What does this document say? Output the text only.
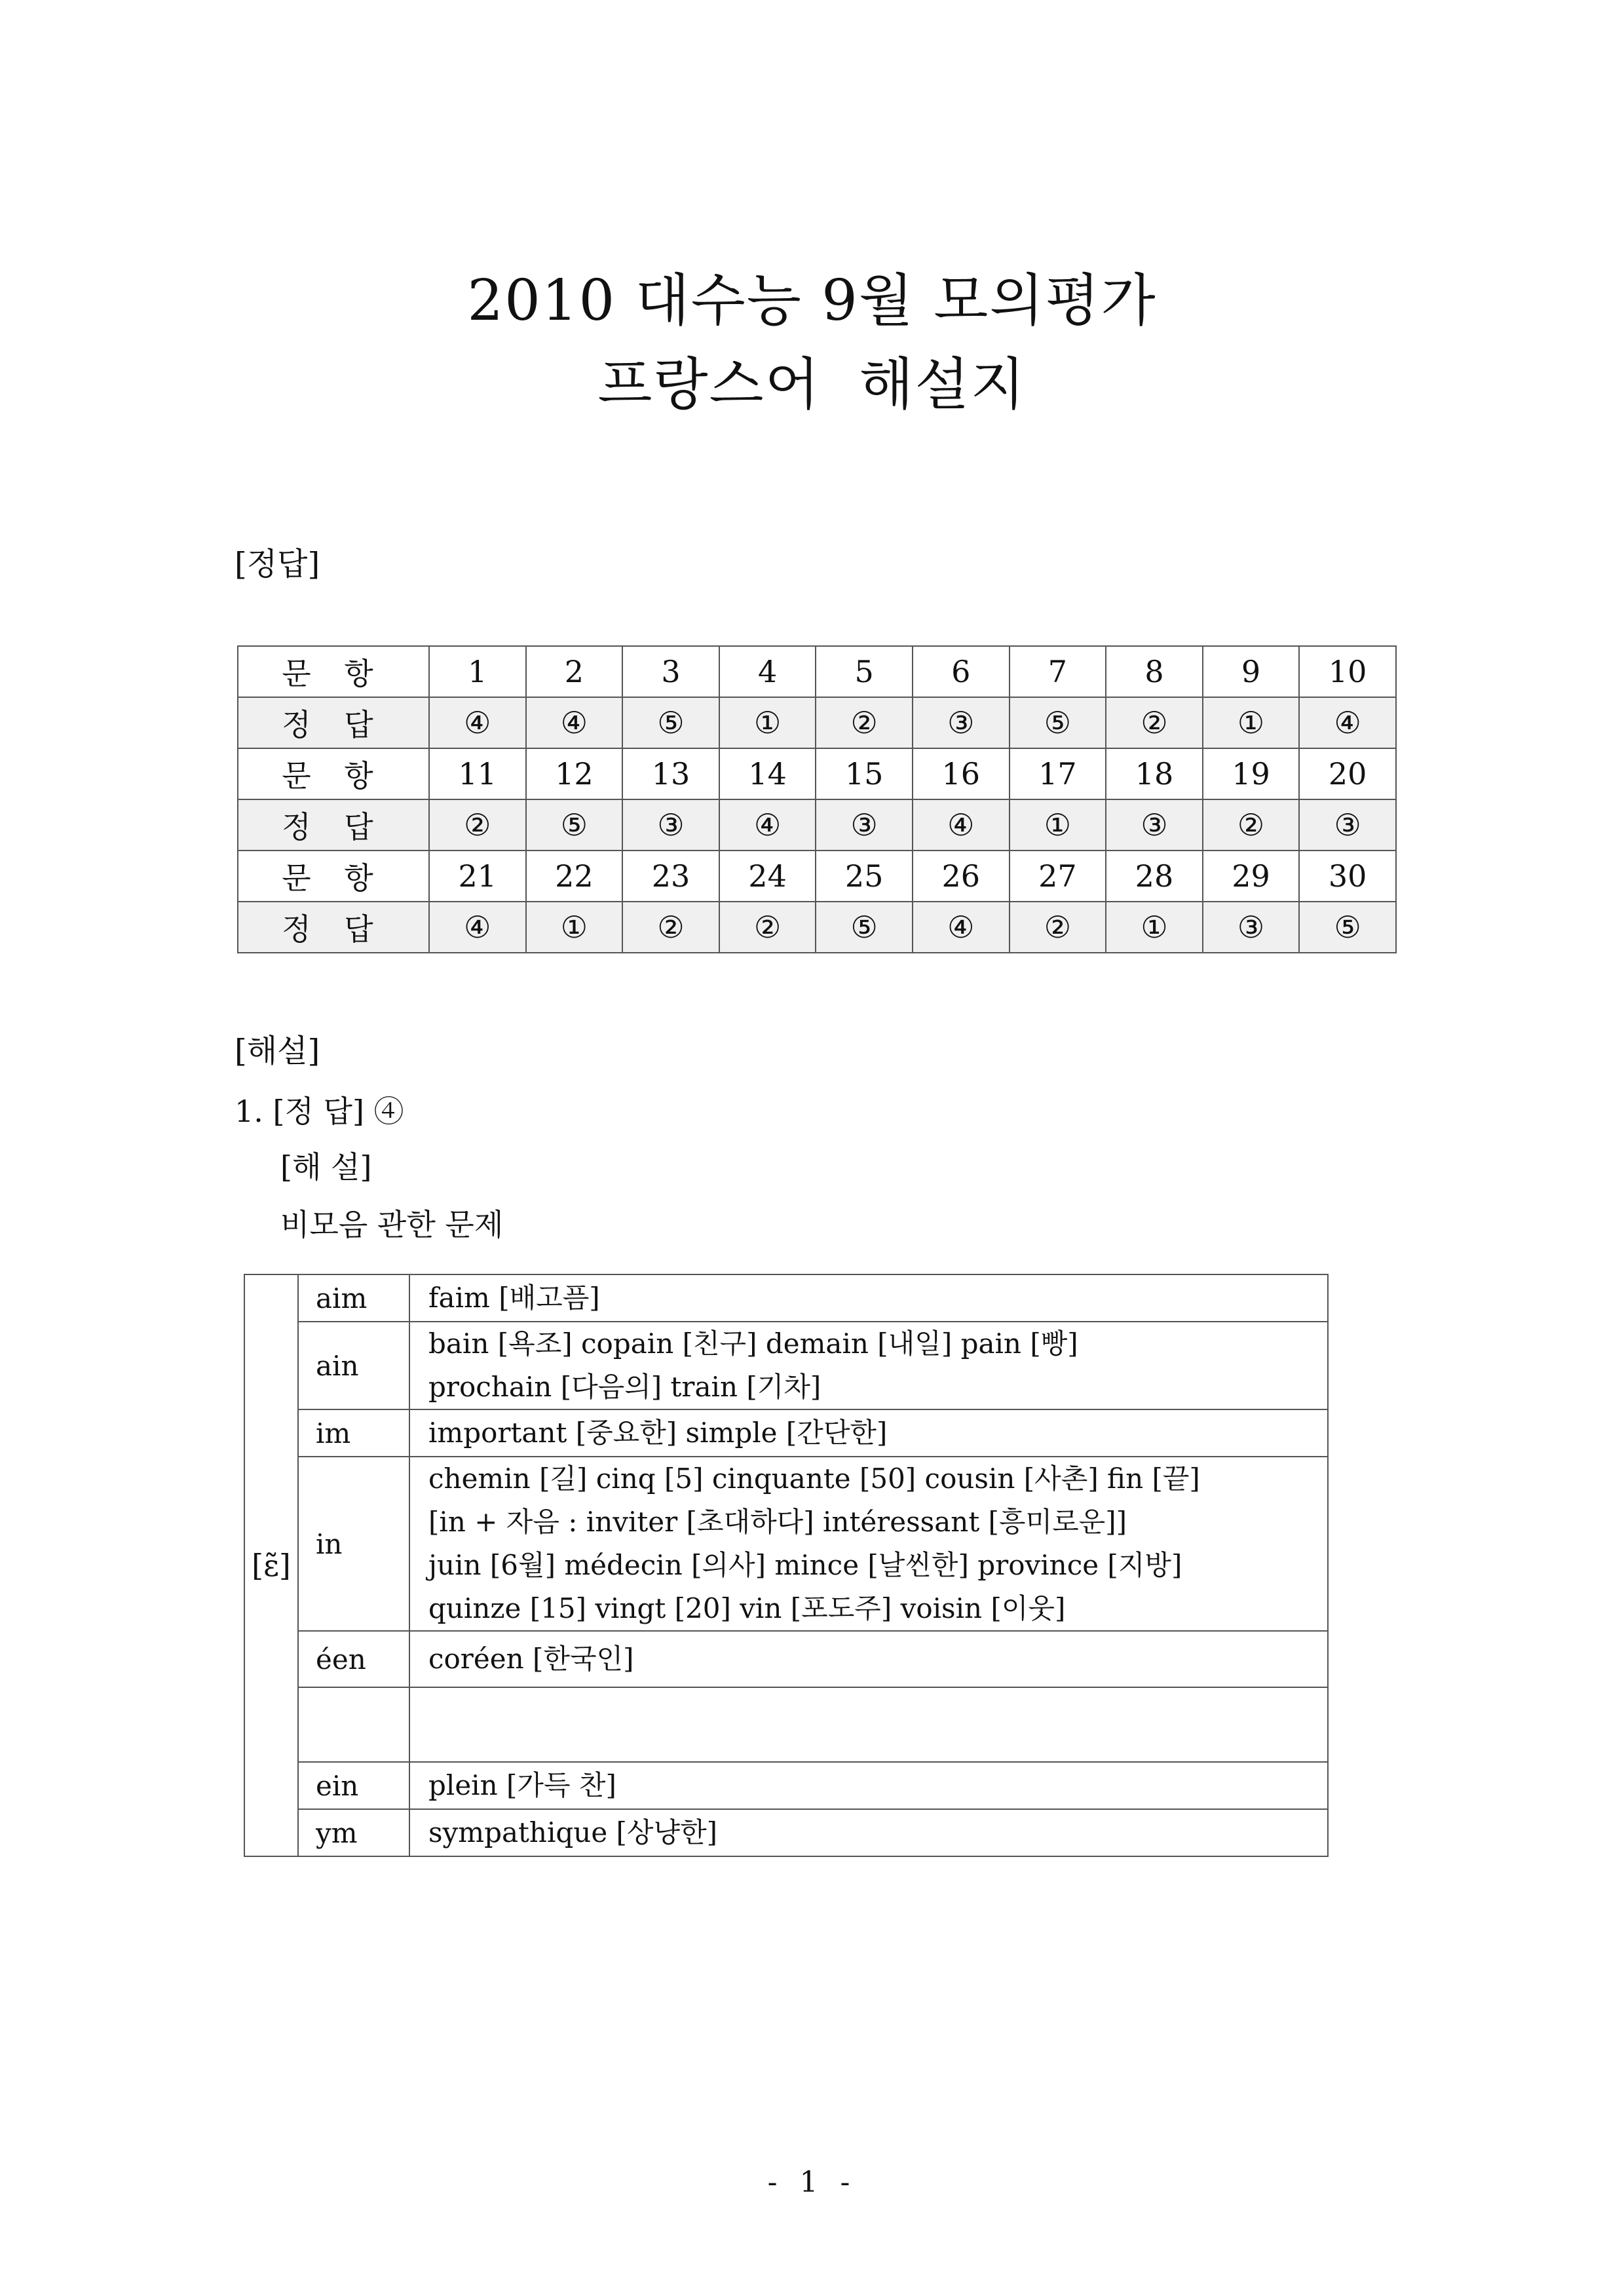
2010 대수능 9월 모의평가
프랑스어  해설지
[정답]
문 항	1	2	3	4	5	6	7	8	9	10
정 답	④	④	⑤	①	②	③	⑤	②	①	④
문 항	11	12	13	14	15	16	17	18	19	20
정 답	②	⑤	③	④	③	④	①	③	②	③
문 항	21	22	23	24	25	26	27	28	29	30
정 답	④	①	②	②	⑤	④	②	①	③	⑤
[해설]
1. [정 답] ④
[해 설]
비모음 관한 문제
[ɛ̃]	aim	faim [배고픔]

	ain	bain [욕조] copain [친구] demain [내일] pain [빵]
prochain [다음의] train [기차]

	im	important [중요한] simple [간단한]

	in	chemin [길] cinq [5] cinquante [50] cousin [사촌] fin [끝]
[in + 자음 : inviter [초대하다] intéressant [흥미로운]]
juin [6월] médecin [의사] mince [날씬한] province [지방]
quinze [15] vingt [20] vin [포도주] voisin [이웃]

	éen	coréen [한국인]

	ein	plein [가득 찬]

	ym	sympathique [상냥한]
- 1 -
